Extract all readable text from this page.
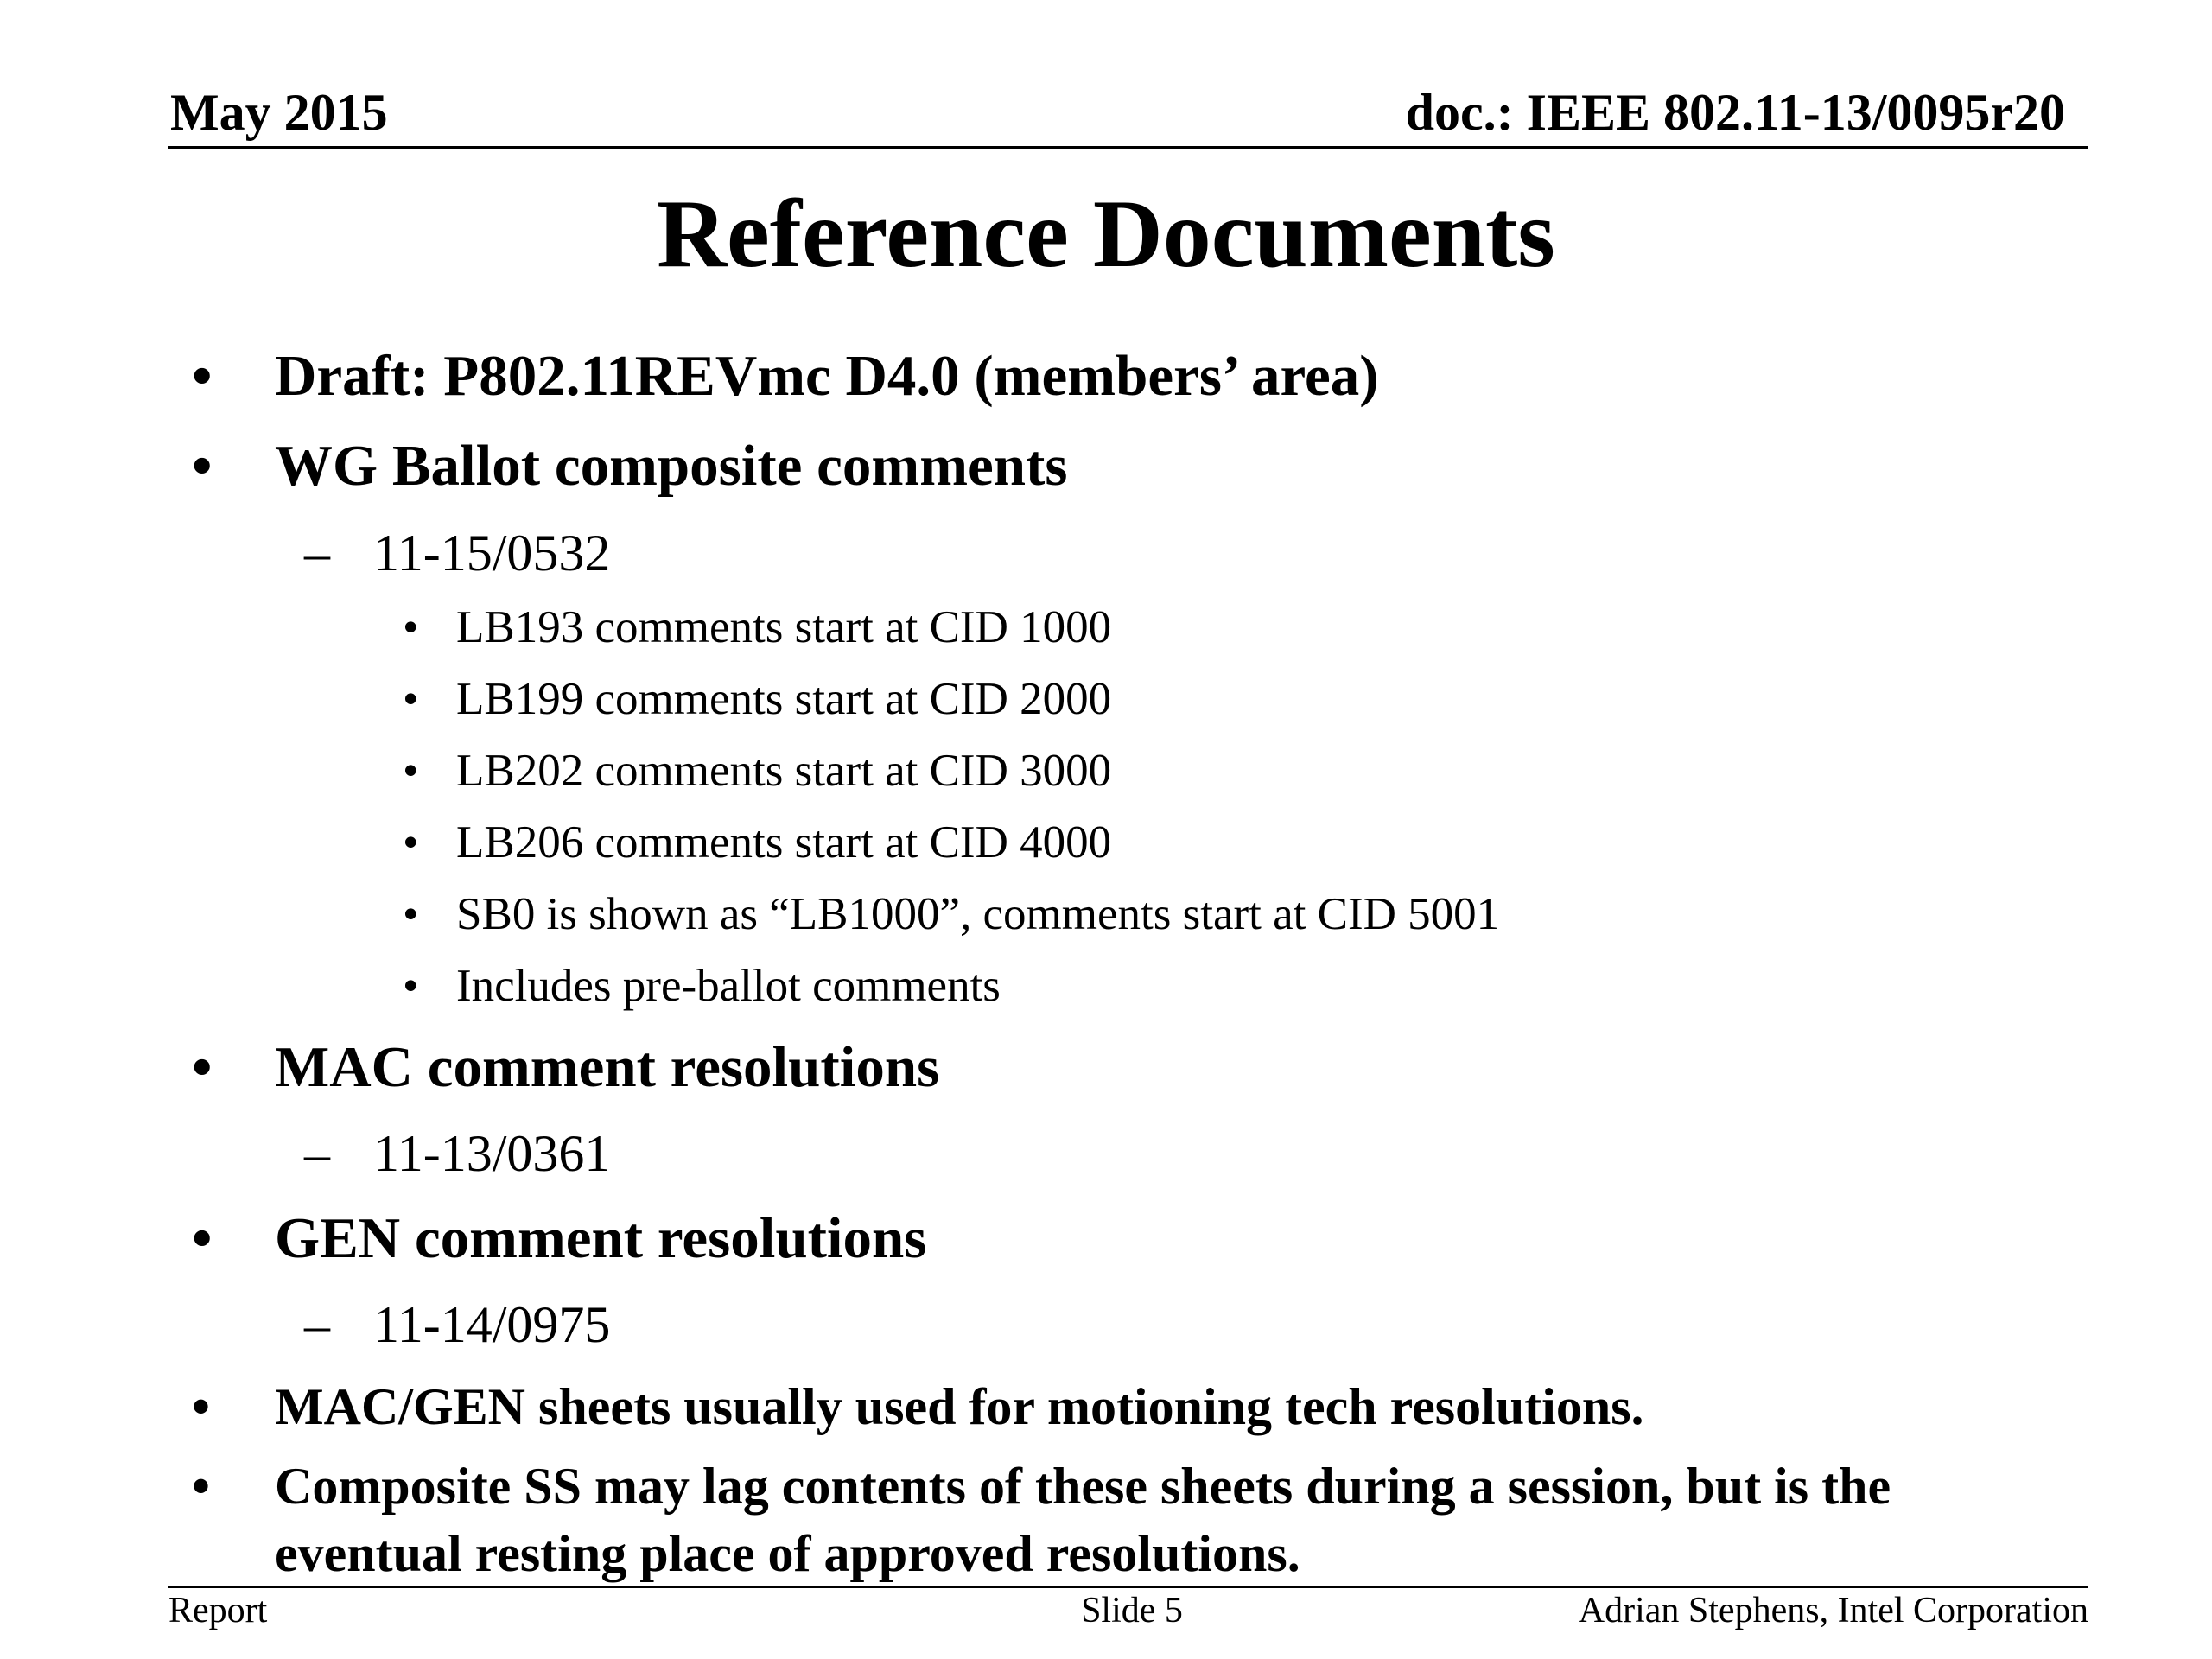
May 2015	doc.: IEEE 802.11-13/0095r20
Reference Documents
• Draft: P802.11REVmc D4.0 (members’ area)
• WG Ballot composite comments
– 11-15/0532
• LB193 comments start at CID 1000
• LB199 comments start at CID 2000
• LB202 comments start at CID 3000
• LB206 comments start at CID 4000
• SB0 is shown as “LB1000”, comments start at CID 5001
• Includes pre-ballot comments
• MAC comment resolutions
– 11-13/0361
• GEN comment resolutions
– 11-14/0975
• MAC/GEN sheets usually used for motioning tech resolutions.
• Composite SS may lag contents of these sheets during a session, but is the
eventual resting place of approved resolutions.
Report	Slide 5	Adrian Stephens, Intel Corporation
